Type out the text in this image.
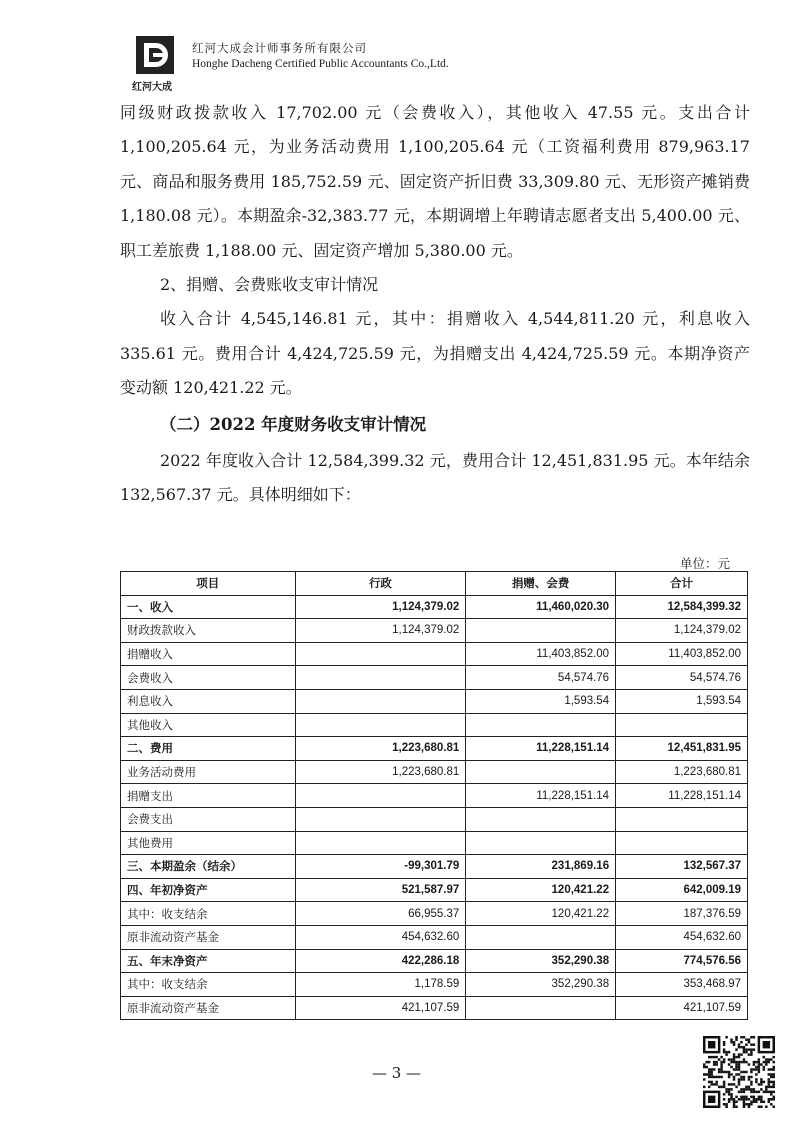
红河大成
红河大成会计师事务所有限公司
Honghe Dacheng Certified Public Accountants Co.,Ltd.

同级财政拨款收入 17,702.00 元（会费收入），其他收入 47.55 元。支出合计 1,100,205.64 元，为业务活动费用 1,100,205.64 元（工资福利费用 879,963.17 元、商品和服务费用 185,752.59 元、固定资产折旧费 33,309.80 元、无形资产摊销费 1,180.08 元）。本期盈余-32,383.77 元，本期调增上年聘请志愿者支出 5,400.00 元、职工差旅费 1,188.00 元、固定资产增加 5,380.00 元。

2、捐赠、会费账收支审计情况

收入合计 4,545,146.81 元，其中：捐赠收入 4,544,811.20 元，利息收入 335.61 元。费用合计 4,424,725.59 元，为捐赠支出 4,424,725.59 元。本期净资产变动额 120,421.22 元。

（二）2022 年度财务收支审计情况

2022 年度收入合计 12,584,399.32 元，费用合计 12,451,831.95 元。本年结余 132,567.37 元。具体明细如下：

单位：元
项目	行政	捐赠、会费	合计
一、收入	1,124,379.02	11,460,020.30	12,584,399.32
财政拨款收入	1,124,379.02		1,124,379.02
捐赠收入		11,403,852.00	11,403,852.00
会费收入		54,574.76	54,574.76
利息收入		1,593.54	1,593.54
其他收入			
二、费用	1,223,680.81	11,228,151.14	12,451,831.95
业务活动费用	1,223,680.81		1,223,680.81
捐赠支出		11,228,151.14	11,228,151.14
会费支出			
其他费用			
三、本期盈余（结余）	-99,301.79	231,869.16	132,567.37
四、年初净资产	521,587.97	120,421.22	642,009.19
其中：收支结余	66,955.37	120,421.22	187,376.59
原非流动资产基金	454,632.60		454,632.60
五、年末净资产	422,286.18	352,290.38	774,576.56
其中：收支结余	1,178.59	352,290.38	353,468.97
原非流动资产基金	421,107.59		421,107.59
— 3 —
